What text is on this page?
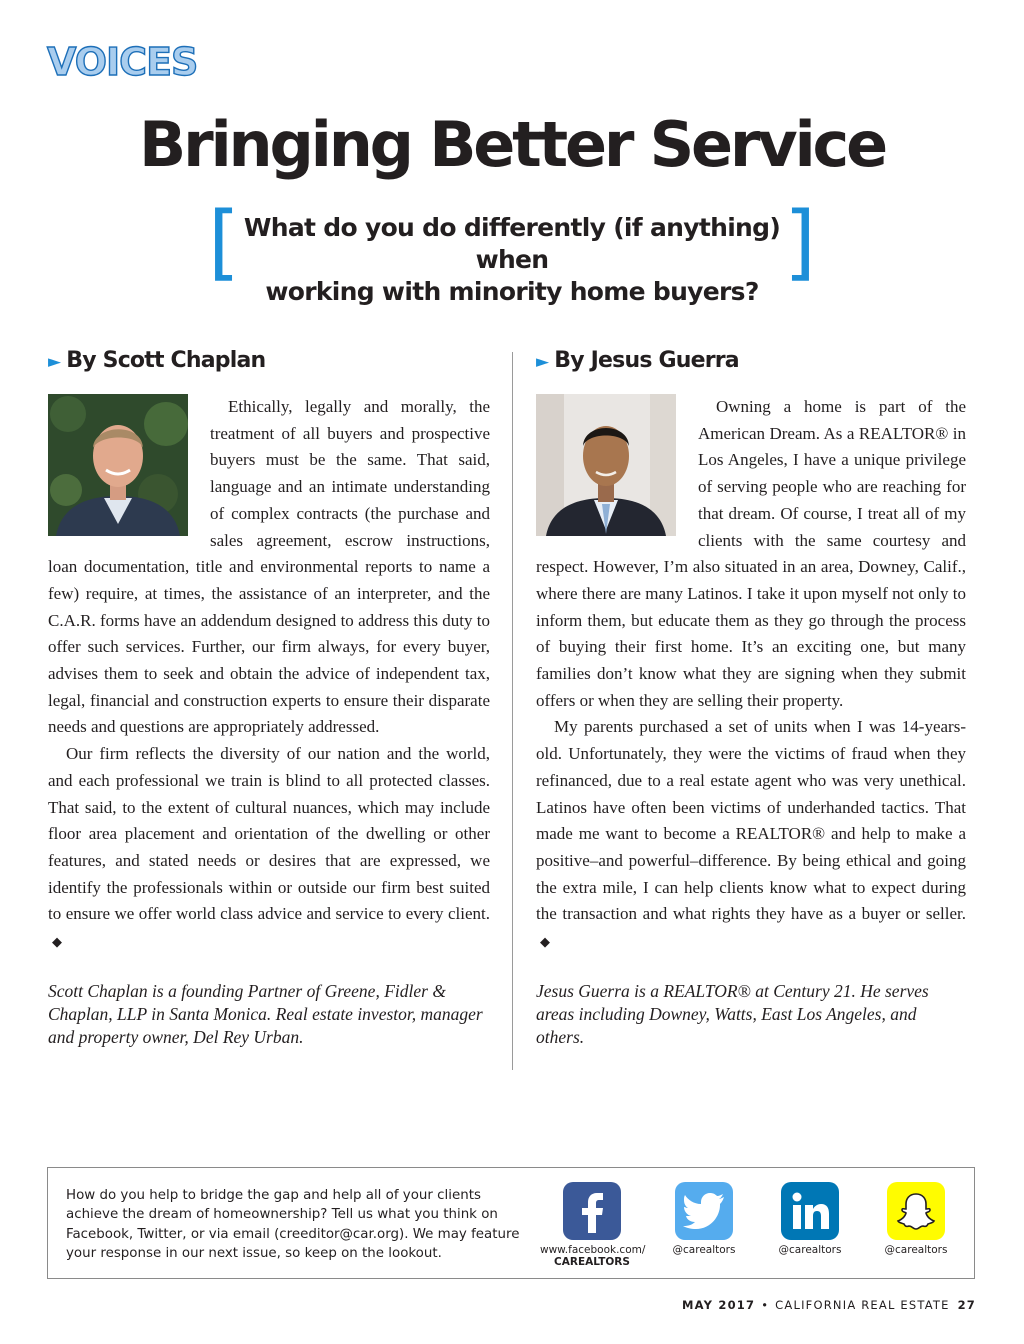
VOICES
Bringing Better Service
[ What do you do differently (if anything) when
working with minority home buyers?
]
► By Scott Chaplan

Ethically, legally and morally, the treatment of all buyers and prospective buyers must be the same. That said, language and an intimate understanding of complex contracts (the purchase and sales agreement, escrow instructions, loan documentation, title and environmental reports to name a few) require, at times, the assistance of an interpreter, and the C.A.R. forms have an addendum designed to address this duty to offer such services. Further, our firm always, for every buyer, advises them to seek and obtain the advice of independent tax, legal, financial and construction experts to ensure their disparate needs and questions are appropriately addressed.

Our firm reflects the diversity of our nation and the world, and each professional we train is blind to all protected classes. That said, to the extent of cultural nuances, which may include floor area placement and orientation of the dwelling or other features, and stated needs or desires that are expressed, we identify the professionals within or outside our firm best suited to ensure we offer world class advice and service to every client. ◆

Scott Chaplan is a founding Partner of Greene, Fidler & Chaplan, LLP in Santa Monica. Real estate investor, manager and property owner, Del Rey Urban.
► By Jesus Guerra

Owning a home is part of the American Dream. As a REALTOR® in Los Angeles, I have a unique privilege of serving people who are reaching for that dream. Of course, I treat all of my clients with the same courtesy and respect. However, I’m also situated in an area, Downey, Calif., where there are many Latinos. I take it upon myself not only to inform them, but educate them as they go through the process of buying their first home. It’s an exciting one, but many families don’t know what they are signing when they submit offers or when they are selling their property.

My parents purchased a set of units when I was 14-years-old. Unfortunately, they were the victims of fraud when they refinanced, due to a real estate agent who was very unethical. Latinos have often been victims of underhanded tactics. That made me want to become a REALTOR® and help to make a positive–and powerful–difference. By being ethical and going the extra mile, I can help clients know what to expect during the transaction and what rights they have as a buyer or seller. ◆

Jesus Guerra is a REALTOR® at Century 21. He serves areas including Downey, Watts, East Los Angeles, and others.
How do you help to bridge the gap and help all of your clients achieve the dream of homeownership? Tell us what you think on Facebook, Twitter, or via email (creeditor@car.org). We may feature your response in our next issue, so keep on the lookout.	www.facebook.com/
CAREALTORS
@carealtors	@carealtors	@carealtors
MAY 2017 • CALIFORNIA REAL ESTATE 27
